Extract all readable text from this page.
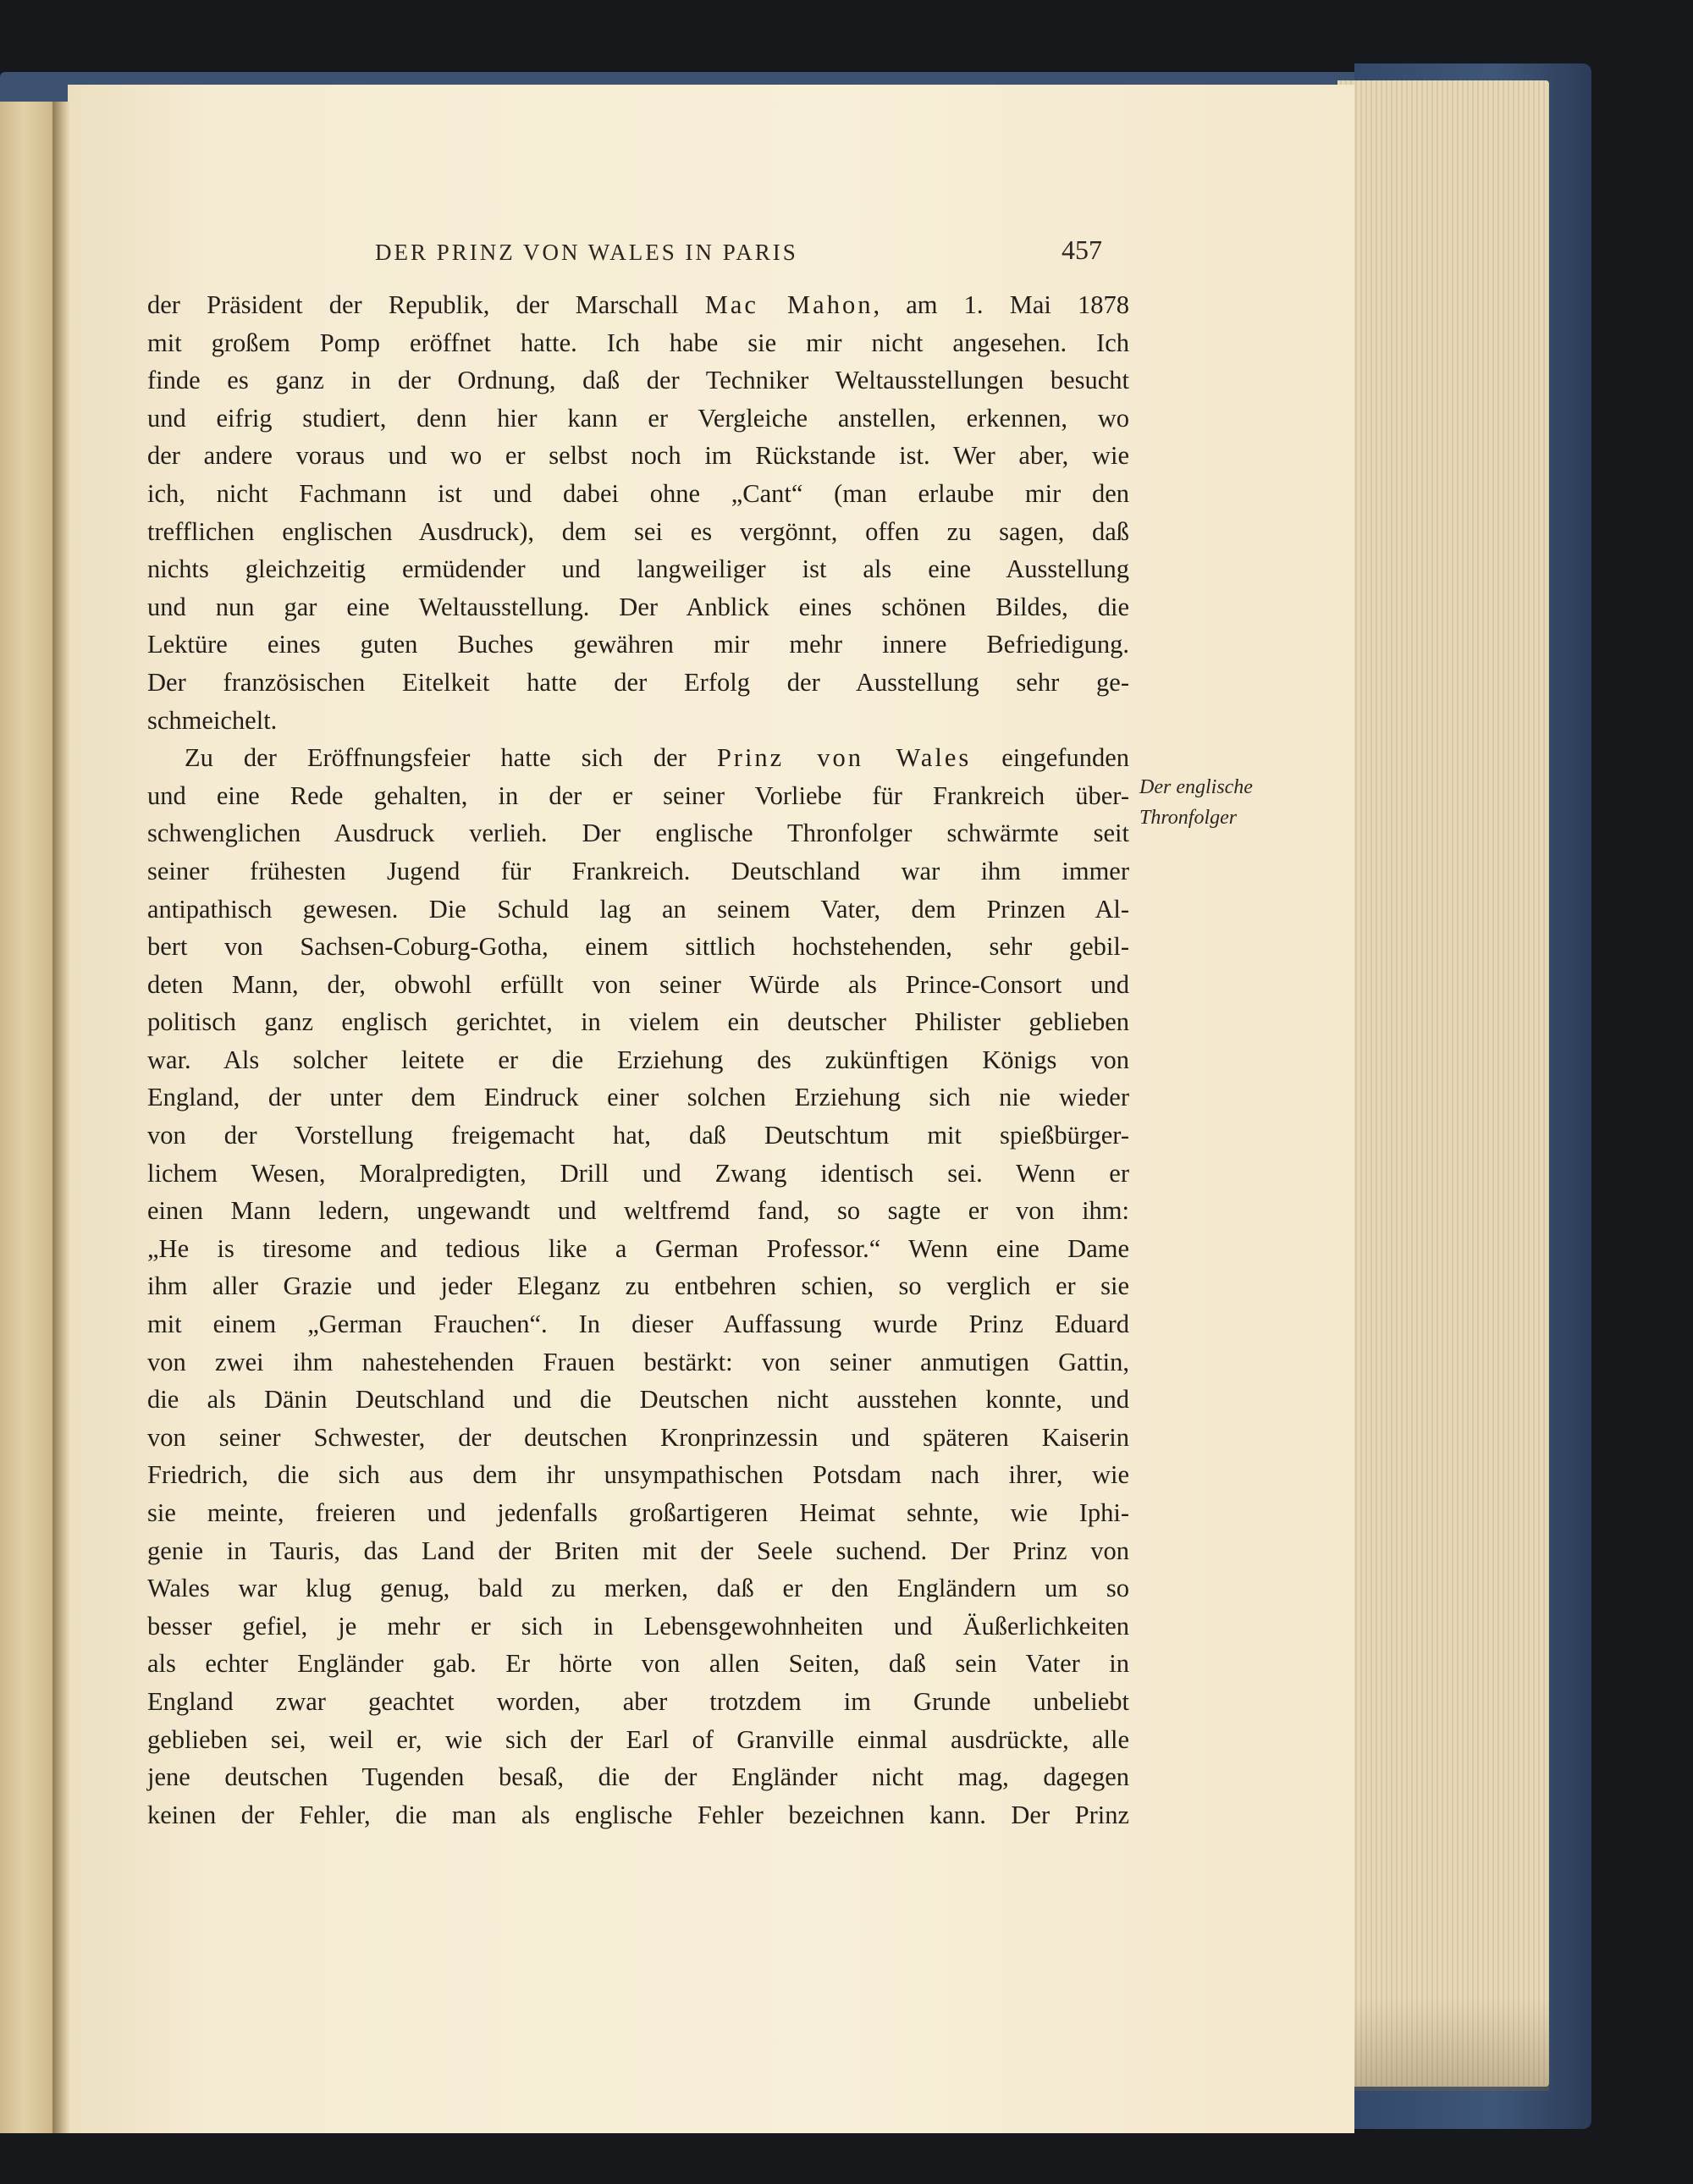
DER PRINZ VON WALES IN PARIS	457
der Präsident der Republik, der Marschall Mac Mahon, am 1. Mai 1878
mit großem Pomp eröffnet hatte. Ich habe sie mir nicht angesehen. Ich
finde es ganz in der Ordnung, daß der Techniker Weltausstellungen besucht
und eifrig studiert, denn hier kann er Vergleiche anstellen, erkennen, wo
der andere voraus und wo er selbst noch im Rückstande ist. Wer aber, wie
ich, nicht Fachmann ist und dabei ohne „Cant“ (man erlaube mir den
trefflichen englischen Ausdruck), dem sei es vergönnt, offen zu sagen, daß
nichts gleichzeitig ermüdender und langweiliger ist als eine Ausstellung
und nun gar eine Weltausstellung. Der Anblick eines schönen Bildes, die
Lektüre eines guten Buches gewähren mir mehr innere Befriedigung.
Der französischen Eitelkeit hatte der Erfolg der Ausstellung sehr ge-
schmeichelt.
Zu der Eröffnungsfeier hatte sich der Prinz von Wales eingefunden
und eine Rede gehalten, in der er seiner Vorliebe für Frankreich über-
schwenglichen Ausdruck verlieh. Der englische Thronfolger schwärmte seit
seiner frühesten Jugend für Frankreich. Deutschland war ihm immer
antipathisch gewesen. Die Schuld lag an seinem Vater, dem Prinzen Al-
bert von Sachsen-Coburg-Gotha, einem sittlich hochstehenden, sehr gebil-
deten Mann, der, obwohl erfüllt von seiner Würde als Prince-Consort und
politisch ganz englisch gerichtet, in vielem ein deutscher Philister geblieben
war. Als solcher leitete er die Erziehung des zukünftigen Königs von
England, der unter dem Eindruck einer solchen Erziehung sich nie wieder
von der Vorstellung freigemacht hat, daß Deutschtum mit spießbürger-
lichem Wesen, Moralpredigten, Drill und Zwang identisch sei. Wenn er
einen Mann ledern, ungewandt und weltfremd fand, so sagte er von ihm:
„He is tiresome and tedious like a German Professor.“ Wenn eine Dame
ihm aller Grazie und jeder Eleganz zu entbehren schien, so verglich er sie
mit einem „German Frauchen“. In dieser Auffassung wurde Prinz Eduard
von zwei ihm nahestehenden Frauen bestärkt: von seiner anmutigen Gattin,
die als Dänin Deutschland und die Deutschen nicht ausstehen konnte, und
von seiner Schwester, der deutschen Kronprinzessin und späteren Kaiserin
Friedrich, die sich aus dem ihr unsympathischen Potsdam nach ihrer, wie
sie meinte, freieren und jedenfalls großartigeren Heimat sehnte, wie Iphi-
genie in Tauris, das Land der Briten mit der Seele suchend. Der Prinz von
Wales war klug genug, bald zu merken, daß er den Engländern um so
besser gefiel, je mehr er sich in Lebensgewohnheiten und Äußerlichkeiten
als echter Engländer gab. Er hörte von allen Seiten, daß sein Vater in
England zwar geachtet worden, aber trotzdem im Grunde unbeliebt
geblieben sei, weil er, wie sich der Earl of Granville einmal ausdrückte, alle
jene deutschen Tugenden besaß, die der Engländer nicht mag, dagegen
keinen der Fehler, die man als englische Fehler bezeichnen kann. Der Prinz
Der englische
Thronfolger
